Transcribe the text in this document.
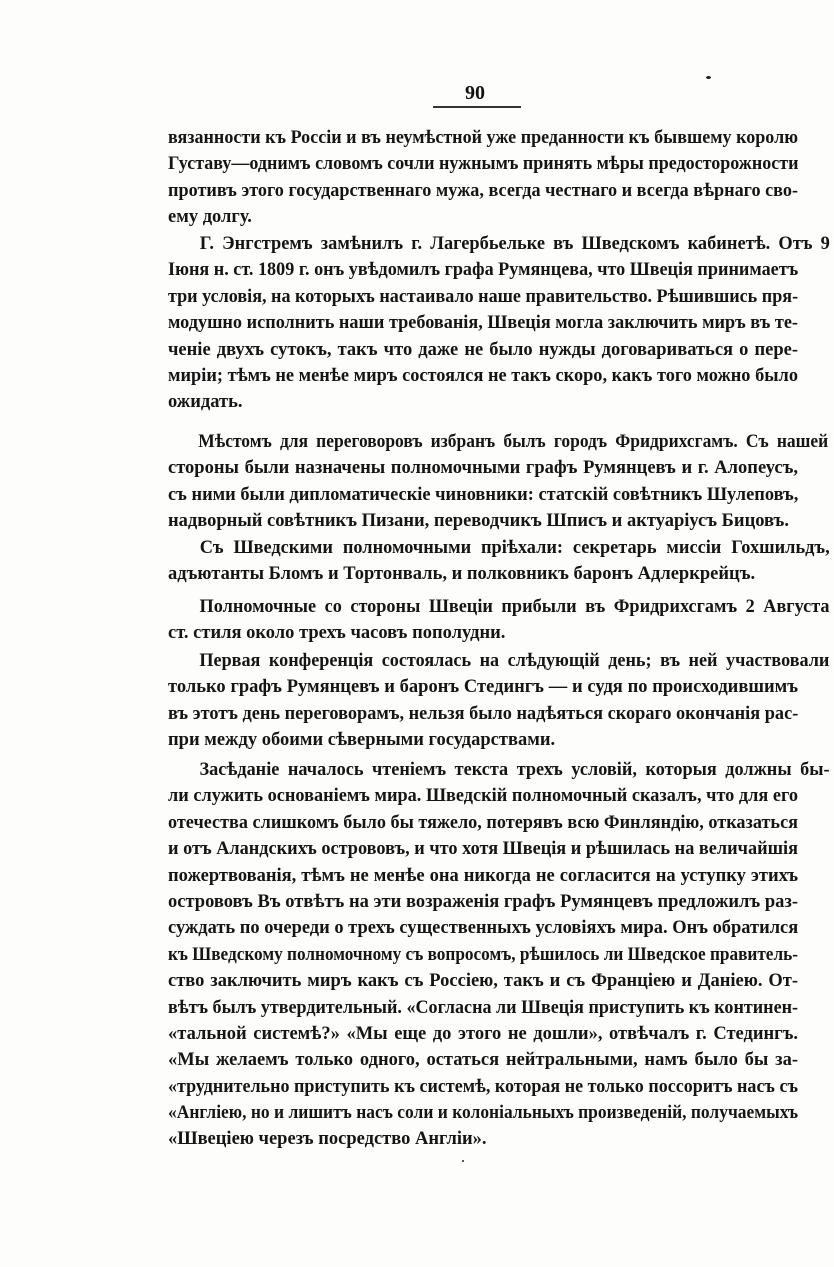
90
вязанности къ Россіи и въ неумѣстной уже преданности къ бывшему королю
Густаву—однимъ словомъ сочли нужнымъ принять мѣры предосторожности
противъ этого государственнаго мужа, всегда честнаго и всегда вѣрнаго сво-
ему долгу.
Г. Энгстремъ замѣнилъ г. Лагербьельке въ Шведскомъ кабинетѣ. Отъ 9
Іюня н. ст. 1809 г. онъ увѣдомилъ графа Румянцева, что Швеція принимаетъ
три условія, на которыхъ настаивало наше правительство. Рѣшившись пря-
модушно исполнить наши требованія, Швеція могла заключить миръ въ те-
ченіе двухъ сутокъ, такъ что даже не было нужды договариваться о пере-
миріи; тѣмъ не менѣе миръ состоялся не такъ скоро, какъ того можно было
ожидать.
Мѣстомъ для переговоровъ избранъ былъ городъ Фридрихсгамъ. Съ нашей
стороны были назначены полномочными графъ Румянцевъ и г. Алопеусъ,
съ ними были дипломатическіе чиновники: статскій совѣтникъ Шулеповъ,
надворный совѣтникъ Пизани, переводчикъ Шписъ и актуаріусъ Бицовъ.
Съ Шведскими полномочными пріѣхали: секретарь миссіи Гохшильдъ,
адъютанты Бломъ и Тортонваль, и полковникъ баронъ Адлеркрейцъ.
Полномочные со стороны Швеціи прибыли въ Фридрихсгамъ 2 Августа
ст. стиля около трехъ часовъ пополудни.
Первая конференція состоялась на слѣдующій день; въ ней участвовали
только графъ Румянцевъ и баронъ Стедингъ — и судя по происходившимъ
въ этотъ день переговорамъ, нельзя было надѣяться скораго окончанія рас-
при между обоими сѣверными государствами.
Засѣданіе началось чтеніемъ текста трехъ условій, которыя должны бы-
ли служить основаніемъ мира. Шведскій полномочный сказалъ, что для его
отечества слишкомъ было бы тяжело, потерявъ всю Финляндію, отказаться
и отъ Аландскихъ острововъ, и что хотя Швеція и рѣшилась на величайшія
пожертвованія, тѣмъ не менѣе она никогда не согласится на уступку этихъ
острововъ Въ отвѣтъ на эти возраженія графъ Румянцевъ предложилъ раз-
суждать по очереди о трехъ существенныхъ условіяхъ мира. Онъ обратился
къ Шведскому полномочному съ вопросомъ, рѣшилось ли Шведское правитель-
ство заключить миръ какъ съ Россіею, такъ и съ Франціею и Даніею. От-
вѣтъ былъ утвердительный. «Согласна ли Швеція приступить къ континен-
«тальной системѣ?» «Мы еще до этого не дошли», отвѣчалъ г. Стедингъ.
«Мы желаемъ только одного, остаться нейтральными, намъ было бы за-
«труднительно приступить къ системѣ, которая не только поссоритъ насъ съ
«Англіею, но и лишитъ насъ соли и колоніальныхъ произведеній, получаемыхъ
«Швеціею черезъ посредство Англіи».
